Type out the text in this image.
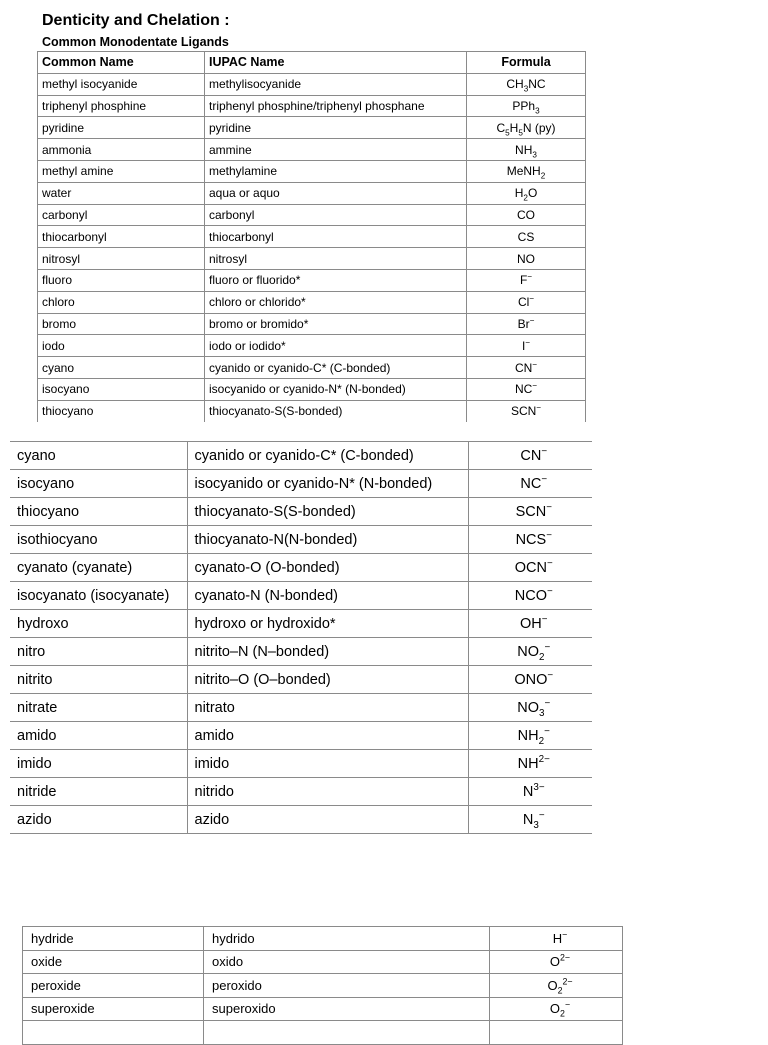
Denticity and Chelation :
Common Monodentate Ligands
Common Name	IUPAC Name	Formula
methyl isocyanide	methylisocyanide	$CH_3NC$
triphenyl phosphine	triphenyl phosphine/triphenyl phosphane	PPh$_3$
pyridine	pyridine	$C_5H_5N$ (py)
ammonia	ammine	$NH_3$
methyl amine	methylamine	MeNH$_2$
water	aqua or aquo	$H_2O$
carbonyl	carbonyl	CO
thiocarbonyl	thiocarbonyl	CS
nitrosyl	nitrosyl	NO
fluoro	fluoro or fluorido*	F−
chloro	chloro or chlorido*	Cl−
bromo	bromo or bromido*	Br−
iodo	iodo or iodido*	I−
cyano	cyanido or cyanido-C* (C-bonded)	CN−
isocyano	isocyanido or cyanido-N* (N-bonded)	NC−
thiocyano	thiocyanato-S(S-bonded)	SCN−
cyano	cyanido or cyanido-C* (C-bonded)	CN−
isocyano	isocyanido or cyanido-N* (N-bonded)	NC−
thiocyano	thiocyanato-S(S-bonded)	SCN−
isothiocyano	thiocyanato-N(N-bonded)	NCS−
cyanato (cyanate)	cyanato-O (O-bonded)	OCN−
isocyanato (isocyanate)	cyanato-N (N-bonded)	NCO−
hydroxo	hydroxo or hydroxido*	OH−
nitro	nitrito–N (N–bonded)	$NO_2^-$
nitrito	nitrito–O (O–bonded)	ONO−
nitrate	nitrato	$NO_3^-$
amido	amido	$NH_2^-$
imido	imido	$NH^{2-}$
nitride	nitrido	$N^{3-}$
azido	azido	$N_3^-$
hydride	hydrido	H−
oxide	oxido	$O^{2-}$
peroxide	peroxido	$O_2^{2-}$
superoxide	superoxido	$O_2^-$
